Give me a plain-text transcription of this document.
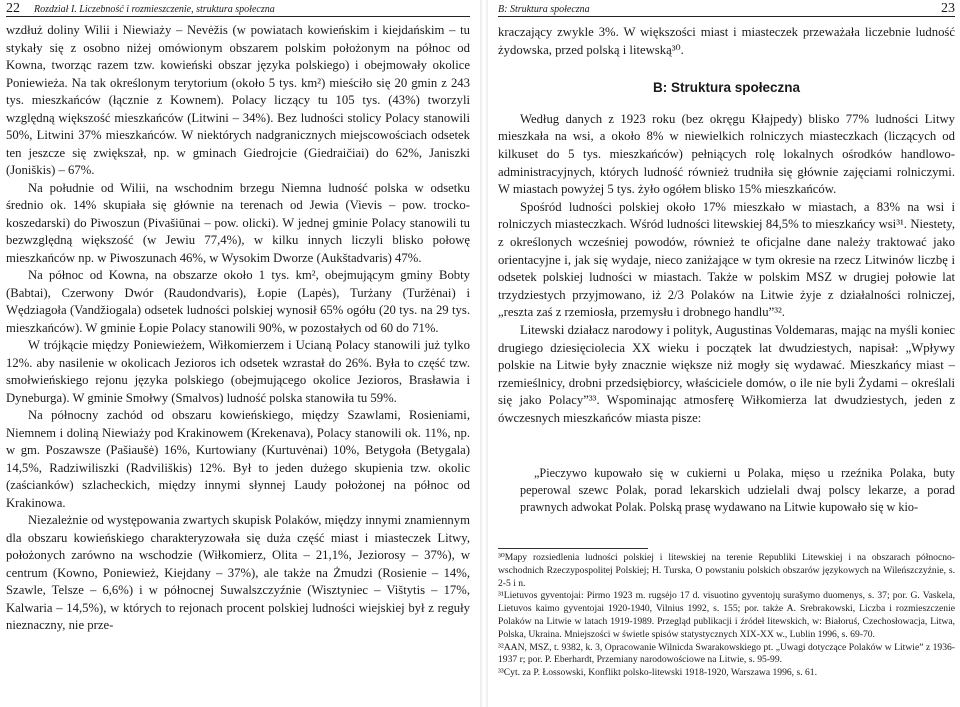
22 Rozdział I. Liczebność i rozmieszczenie, struktura społeczna

wzdłuż doliny Wilii i Niewiaży – Nevėžis (w powiatach kowieńskim i kiejdańskim – tu stykały się z osobno niżej omówionym obszarem polskim położonym na północ od Kowna, tworząc razem tzw. kowieński obszar języka polskiego) i obejmowały okolice Poniewieża. Na tak określonym terytorium (około 5 tys. km²) mieściło się 20 gmin z 243 tys. mieszkańców (łącznie z Kownem). Polacy liczący tu 105 tys. (43%) tworzyli względną większość mieszkańców (Litwini – 34%). Bez ludności stolicy Polacy stanowili 50%, Litwini 37% mieszkańców. W niektórych nadgranicznych miejscowościach odsetek ten jeszcze się zwiększał, np. w gminach Giedrojcie (Giedraičiai) do 62%, Janiszki (Joniškis) – 67%.

Na południe od Wilii, na wschodnim brzegu Niemna ludność polska w odsetku średnio ok. 14% skupiała się głównie na terenach od Jewia (Vievis – pow. trocko-koszedarski) do Piwoszun (Pivašiūnai – pow. olicki). W jednej gminie Polacy stanowili tu bezwzględną większość (w Jewiu 77,4%), w kilku innych liczyli blisko połowę mieszkańców np. w Piwoszunach 46%, w Wysokim Dworze (Aukštadvaris) 47%.

Na północ od Kowna, na obszarze około 1 tys. km², obejmującym gminy Bobty (Babtai), Czerwony Dwór (Raudondvaris), Łopie (Lapės), Turżany (Turžėnai) i Wędziagoła (Vandžiogala) odsetek ludności polskiej wynosił 65% ogółu (20 tys. na 29 tys. mieszkańców). W gminie Łopie Polacy stanowili 90%, w pozostałych od 60 do 71%.

W trójkącie między Poniewieżem, Wiłkomierzem i Ucianą Polacy stanowili już tylko 12%. aby nasilenie w okolicach Jezioros ich odsetek wzrastał do 26%. Była to część tzw. smołwieńskiego rejonu języka polskiego (obejmującego okolice Jezioros, Brasławia i Dyneburga). W gminie Smołwy (Smalvos) ludność polska stanowiła tu 59%.

Na północny zachód od obszaru kowieńskiego, między Szawlami, Rosieniami, Niemnem i doliną Niewiaży pod Krakinowem (Krekenava), Polacy stanowili ok. 11%, np. w gm. Poszawsze (Pašiaušė) 16%, Kurtowiany (Kurtuvėnai) 10%, Betygoła (Betygala) 14,5%, Radziwiliszki (Radviliškis) 12%. Był to jeden dużego skupienia tzw. okolic (zaścianków) szlacheckich, między innymi słynnej Laudy położonej na północ od Krakinowa.

Niezależnie od występowania zwartych skupisk Polaków, między innymi znamiennym dla obszaru kowieńskiego charakteryzowała się duża część miast i miasteczek Litwy, położonych zarówno na wschodzie (Wiłkomierz, Olita – 21,1%, Jeziorosy – 37%), w centrum (Kowno, Poniewież, Kiejdany – 37%), ale także na Żmudzi (Rosienie – 14%, Szawle, Telsze – 6,6%) i w północnej Suwalszczyźnie (Wisztyniec – Vištytis – 17%, Kalwaria – 14,5%), w których to rejonach procent polskiej ludności wiejskiej był z reguły nieznaczny, nie prze-

B: Struktura społeczna	23

kraczający zwykle 3%. W większości miast i miasteczek przeważała liczebnie ludność żydowska, przed polską i litewską³⁰.

B: Struktura społeczna

Według danych z 1923 roku (bez okręgu Kłajpedy) blisko 77% ludności Litwy mieszkała na wsi, a około 8% w niewielkich rolniczych miasteczkach (liczących od kilkuset do 5 tys. mieszkańców) pełniących rolę lokalnych ośrodków handlowo-administracyjnych, których ludność również trudniła się głównie zajęciami rolniczymi. W miastach powyżej 5 tys. żyło ogółem blisko 15% mieszkańców.

Spośród ludności polskiej około 17% mieszkało w miastach, a 83% na wsi i rolniczych miasteczkach. Wśród ludności litewskiej 84,5% to mieszkańcy wsi³¹. Niestety, z określonych wcześniej powodów, również te oficjalne dane należy traktować jako orientacyjne i, jak się wydaje, nieco zaniżające w tym okresie na rzecz Litwinów liczbę i odsetek polskiej ludności w miastach. Także w polskim MSZ w drugiej połowie lat trzydziestych przyjmowano, iż 2/3 Polaków na Litwie żyje z działalności rolniczej, „reszta zaś z rzemiosła, przemysłu i drobnego handlu”³².

Litewski działacz narodowy i polityk, Augustinas Voldemaras, mając na myśli koniec drugiego dziesięciolecia XX wieku i początek lat dwudziestych, napisał: „Wpływy polskie na Litwie były znacznie większe niż mogły się wydawać. Mieszkańcy miast – rzemieślnicy, drobni przedsiębiorcy, właściciele domów, o ile nie byli Żydami – określali się jako Polacy”³³. Wspominając atmosferę Wiłkomierza lat dwudziestych, jeden z ówczesnych mieszkańców miasta pisze:

„Pieczywo kupowało się w cukierni u Polaka, mięso u rzeźnika Polaka, buty peperowal szewc Polak, porad lekarskich udzielali dwaj polscy lekarze, a porad prawnych adwokat Polak. Polską prasę wydawano na Litwie kupowało się w kio-

³⁰Mapy rozsiedlenia ludności polskiej i litewskiej na terenie Republiki Litewskiej i na obszarach północno-wschodnich Rzeczypospolitej Polskiej; H. Turska, O powstaniu polskich obszarów językowych na Wileńszczyźnie, s. 2-5 i n.

³¹Lietuvos gyventojai: Pirmo 1923 m. rugsėjo 17 d. visuotino gyventojų surašymo duomenys, s. 37; por. G. Vaskela, Lietuvos kaimo gyventojai 1920-1940, Vilnius 1992, s. 155; por. także A. Srebrakowski, Liczba i rozmieszczenie Polaków na Litwie w latach 1919-1989. Przegląd publikacji i źródeł litewskich, w: Białoruś, Czechosłowacja, Litwa, Polska, Ukraina. Mniejszości w świetle spisów statystycznych XIX-XX w., Lublin 1996, s. 69-70.

³²AAN, MSZ, t. 9382, k. 3, Opracowanie Wilnicda Swarakowskiego pt. „Uwagi dotyczące Polaków w Litwie” z 1936-1937 r; por. P. Eberhardt, Przemiany narodowościowe na Litwie, s. 95-99.

³³Cyt. za P. Łossowski, Konflikt polsko-litewski 1918-1920, Warszawa 1996, s. 61.
